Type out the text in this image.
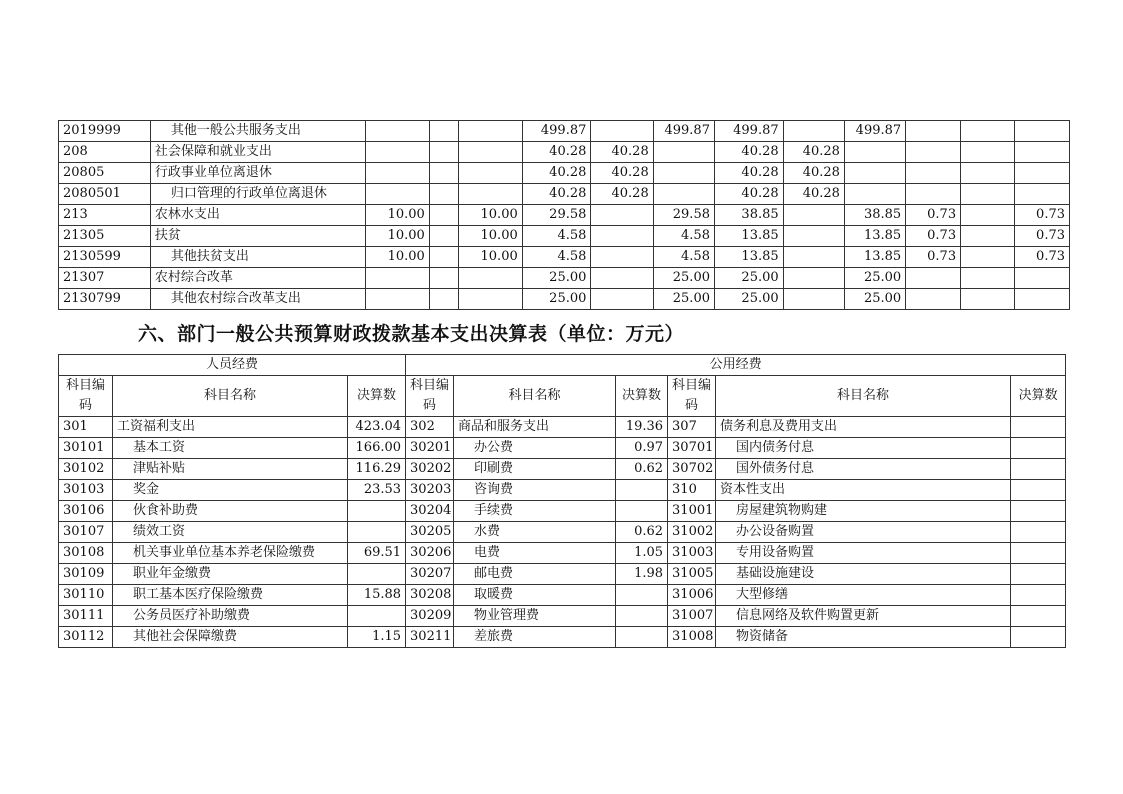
2019999	其他一般公共服务支出				499.87		499.87	499.87		499.87			
208	社会保障和就业支出				40.28	40.28		40.28	40.28				
20805	行政事业单位离退休				40.28	40.28		40.28	40.28				
2080501	归口管理的行政单位离退休				40.28	40.28		40.28	40.28				
213	农林水支出	10.00		10.00	29.58		29.58	38.85		38.85	0.73		0.73
21305	扶贫	10.00		10.00	4.58		4.58	13.85		13.85	0.73		0.73
2130599	其他扶贫支出	10.00		10.00	4.58		4.58	13.85		13.85	0.73		0.73
21307	农村综合改革				25.00		25.00	25.00		25.00			
2130799	其他农村综合改革支出				25.00		25.00	25.00		25.00			
六、部门一般公共预算财政拨款基本支出决算表（单位：万元）
人员经费			公用经费					
科目编码	科目名称	决算数	科目编码	科目名称	决算数	科目编码	科目名称	决算数
301	工资福利支出	423.04	302	商品和服务支出	19.36	307	债务利息及费用支出	
30101	基本工资	166.00	30201	办公费	0.97	30701	国内债务付息	
30102	津贴补贴	116.29	30202	印刷费	0.62	30702	国外债务付息	
30103	奖金	23.53	30203	咨询费		310	资本性支出	
30106	伙食补助费		30204	手续费		31001	房屋建筑物购建	
30107	绩效工资		30205	水费	0.62	31002	办公设备购置	
30108	机关事业单位基本养老保险缴费	69.51	30206	电费	1.05	31003	专用设备购置	
30109	职业年金缴费		30207	邮电费	1.98	31005	基础设施建设	
30110	职工基本医疗保险缴费	15.88	30208	取暖费		31006	大型修缮	
30111	公务员医疗补助缴费		30209	物业管理费		31007	信息网络及软件购置更新	
30112	其他社会保障缴费	1.15	30211	差旅费		31008	物资储备	
